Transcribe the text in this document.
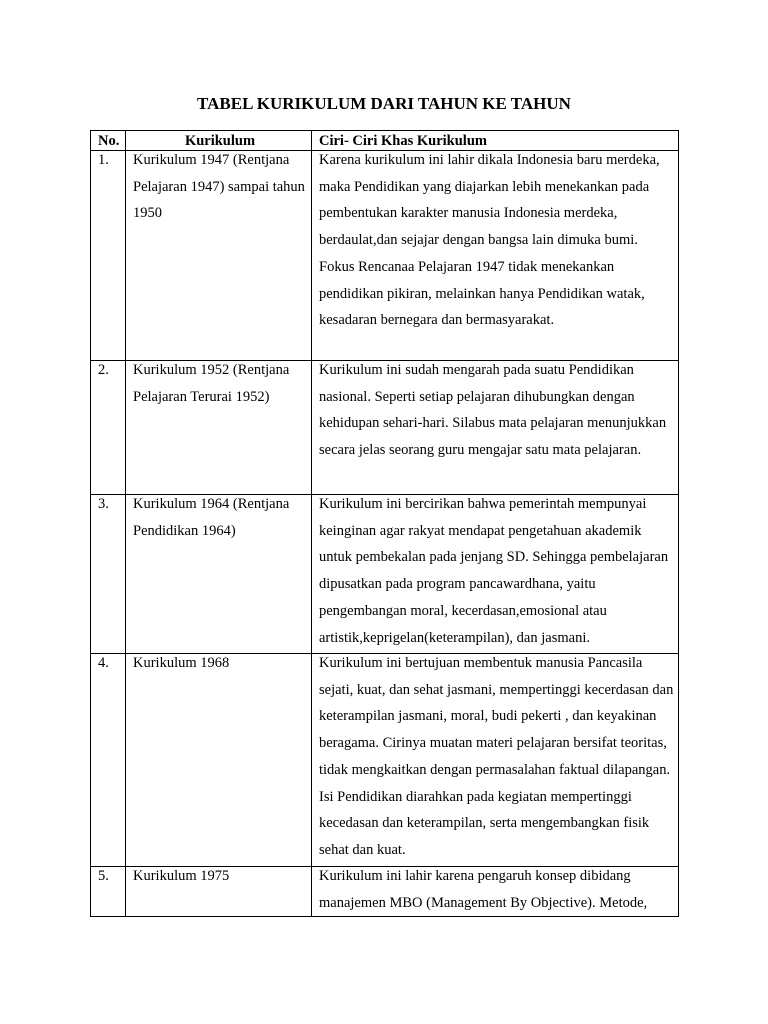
TABEL KURIKULUM DARI TAHUN KE TAHUN
No.	Kurikulum	Ciri- Ciri Khas Kurikulum

1.	Kurikulum 1947 (Rentjana Pelajaran 1947) sampai tahun 1950	Karena kurikulum ini lahir dikala Indonesia baru merdeka, maka Pendidikan yang diajarkan lebih menekankan pada pembentukan karakter manusia Indonesia merdeka, berdaulat,dan sejajar dengan bangsa lain dimuka bumi. Fokus Rencanaa Pelajaran 1947 tidak menekankan pendidikan pikiran, melainkan hanya Pendidikan watak, kesadaran bernegara dan bermasyarakat.

2.	Kurikulum 1952 (Rentjana Pelajaran Terurai 1952)	Kurikulum ini sudah mengarah pada suatu Pendidikan nasional. Seperti setiap pelajaran dihubungkan dengan kehidupan sehari-hari. Silabus mata pelajaran menunjukkan secara jelas seorang guru mengajar satu mata pelajaran.

3.	Kurikulum 1964 (Rentjana Pendidikan 1964)	Kurikulum ini bercirikan bahwa pemerintah mempunyai keinginan agar rakyat mendapat pengetahuan akademik untuk pembekalan pada jenjang SD. Sehingga pembelajaran dipusatkan pada program pancawardhana, yaitu pengembangan moral, kecerdasan,emosional atau artistik,keprigelan(keterampilan), dan jasmani.

4.	Kurikulum 1968	Kurikulum ini bertujuan membentuk manusia Pancasila sejati, kuat, dan sehat jasmani, mempertinggi kecerdasan dan keterampilan jasmani, moral, budi pekerti , dan keyakinan beragama. Cirinya muatan materi pelajaran bersifat teoritas, tidak mengkaitkan dengan permasalahan faktual dilapangan. Isi Pendidikan diarahkan pada kegiatan mempertinggi kecedasan dan keterampilan, serta mengembangkan fisik sehat dan kuat.

5.	Kurikulum 1975	Kurikulum ini lahir karena pengaruh konsep dibidang manajemen MBO (Management By Objective). Metode,
